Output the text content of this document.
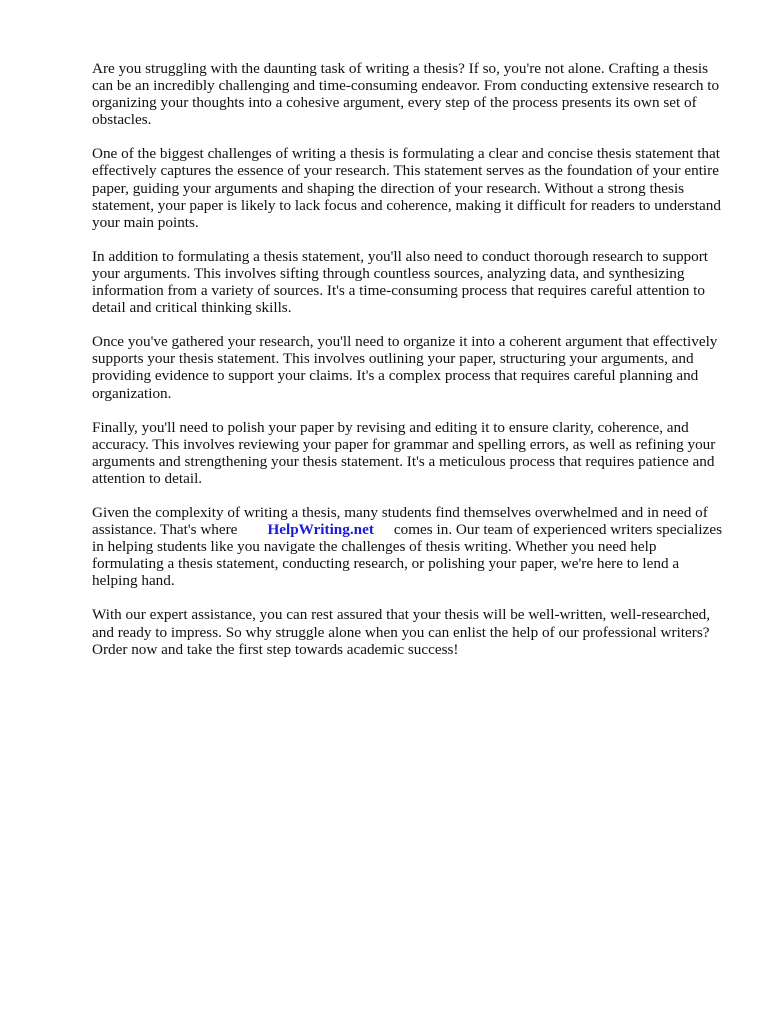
Are you struggling with the daunting task of writing a thesis? If so, you're not alone. Crafting a thesis can be an incredibly challenging and time-consuming endeavor. From conducting extensive research to organizing your thoughts into a cohesive argument, every step of the process presents its own set of obstacles.

One of the biggest challenges of writing a thesis is formulating a clear and concise thesis statement that effectively captures the essence of your research. This statement serves as the foundation of your entire paper, guiding your arguments and shaping the direction of your research. Without a strong thesis statement, your paper is likely to lack focus and coherence, making it difficult for readers to understand your main points.

In addition to formulating a thesis statement, you'll also need to conduct thorough research to support your arguments. This involves sifting through countless sources, analyzing data, and synthesizing information from a variety of sources. It's a time-consuming process that requires careful attention to detail and critical thinking skills.

Once you've gathered your research, you'll need to organize it into a coherent argument that effectively supports your thesis statement. This involves outlining your paper, structuring your arguments, and providing evidence to support your claims. It's a complex process that requires careful planning and organization.

Finally, you'll need to polish your paper by revising and editing it to ensure clarity, coherence, and accuracy. This involves reviewing your paper for grammar and spelling errors, as well as refining your arguments and strengthening your thesis statement. It's a meticulous process that requires patience and attention to detail.

Given the complexity of writing a thesis, many students find themselves overwhelmed and in need of assistance. That's where HelpWriting.net comes in. Our team of experienced writers specializes in helping students like you navigate the challenges of thesis writing. Whether you need help formulating a thesis statement, conducting research, or polishing your paper, we're here to lend a helping hand.

With our expert assistance, you can rest assured that your thesis will be well-written, well-researched, and ready to impress. So why struggle alone when you can enlist the help of our professional writers? Order now and take the first step towards academic success!
